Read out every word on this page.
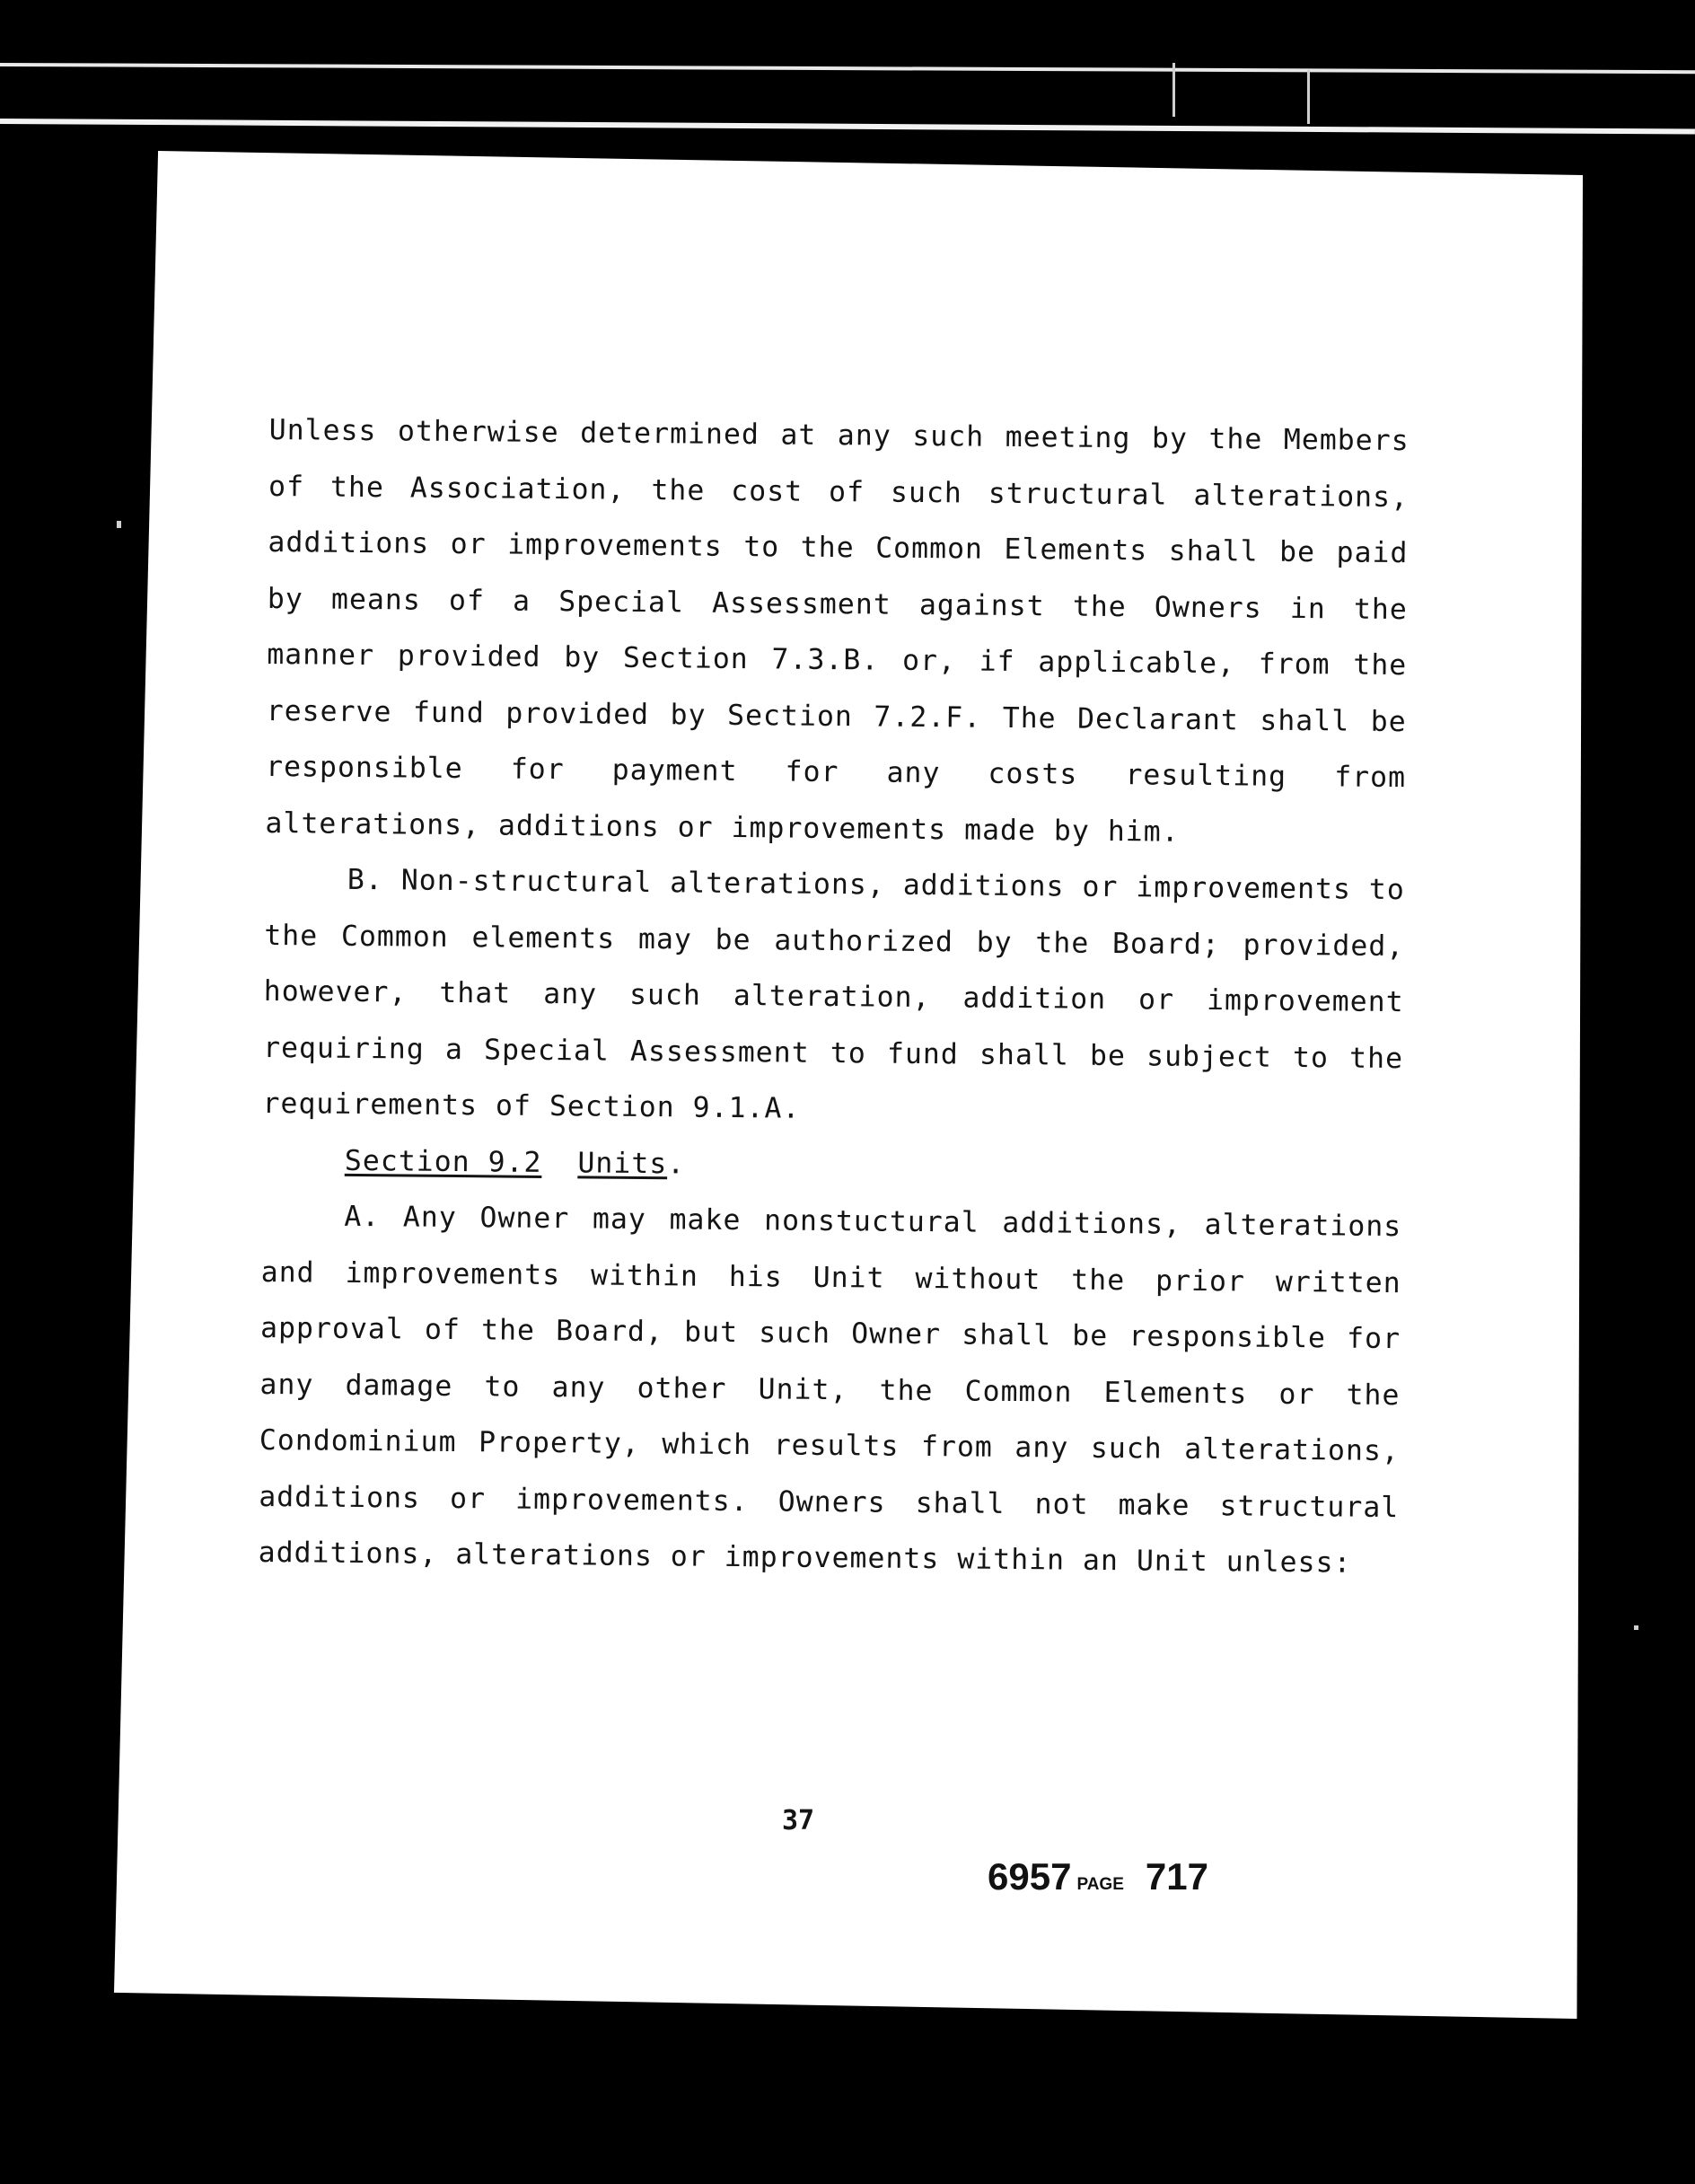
Unless otherwise determined at any such meeting by the Members of the Association, the cost of such structural alterations, additions or improvements to the Common Elements shall be paid by means of a Special Assessment against the Owners in the manner provided by Section 7.3.B. or, if applicable, from the reserve fund provided by Section 7.2.F. The Declarant shall be responsible for payment for any costs resulting from alterations, additions or improvements made by him.

B. Non-structural alterations, additions or improvements to the Common elements may be authorized by the Board; provided, however, that any such alteration, addition or improvement requiring a Special Assessment to fund shall be subject to the requirements of Section 9.1.A.

Section 9.2 Units.

A. Any Owner may make nonstuctural additions, alterations and improvements within his Unit without the prior written approval of the Board, but such Owner shall be responsible for any damage to any other Unit, the Common Elements or the Condominium Property, which results from any such alterations, additions or improvements. Owners shall not make structural additions, alterations or improvements within an Unit unless:

37
6957 PAGE 717
